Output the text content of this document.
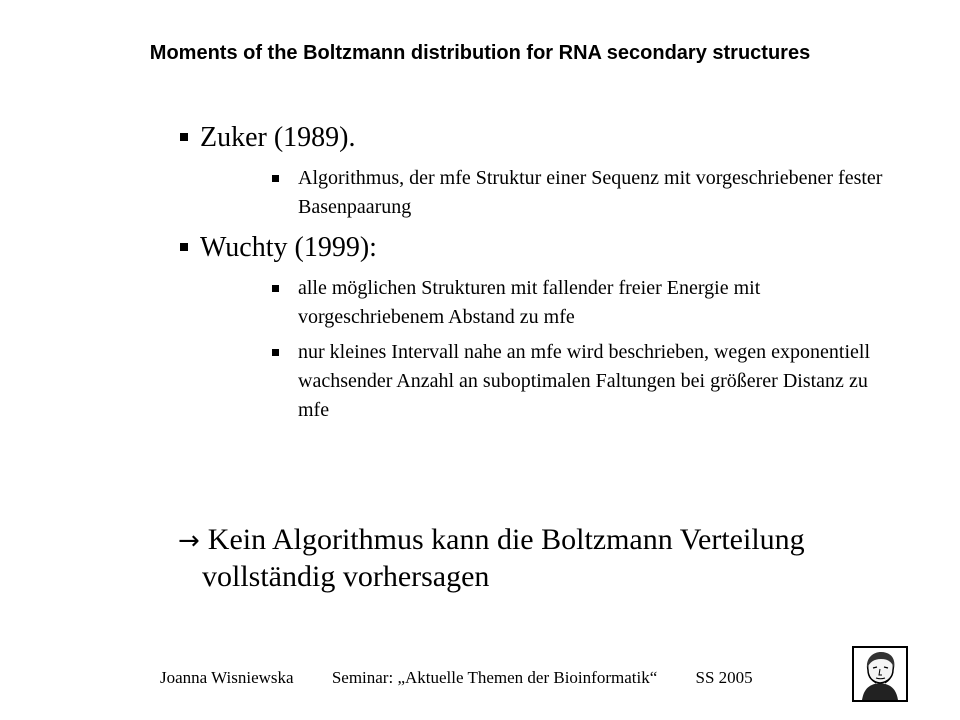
Moments of the Boltzmann distribution for RNA secondary structures
Zuker (1989).
Algorithmus, der mfe Struktur einer Sequenz mit vorgeschriebener fester Basenpaarung
Wuchty (1999):
alle möglichen Strukturen mit fallender freier Energie mit vorgeschriebenem Abstand zu mfe
nur kleines Intervall nahe an mfe wird beschrieben, wegen exponentiell wachsender Anzahl an suboptimalen Faltungen bei größerer Distanz zu mfe
→ Kein Algorithmus kann die Boltzmann Verteilung
vollständig vorhersagen
Joanna Wisniewska Seminar: „Aktuelle Themen der Bioinformatik“ SS 2005
